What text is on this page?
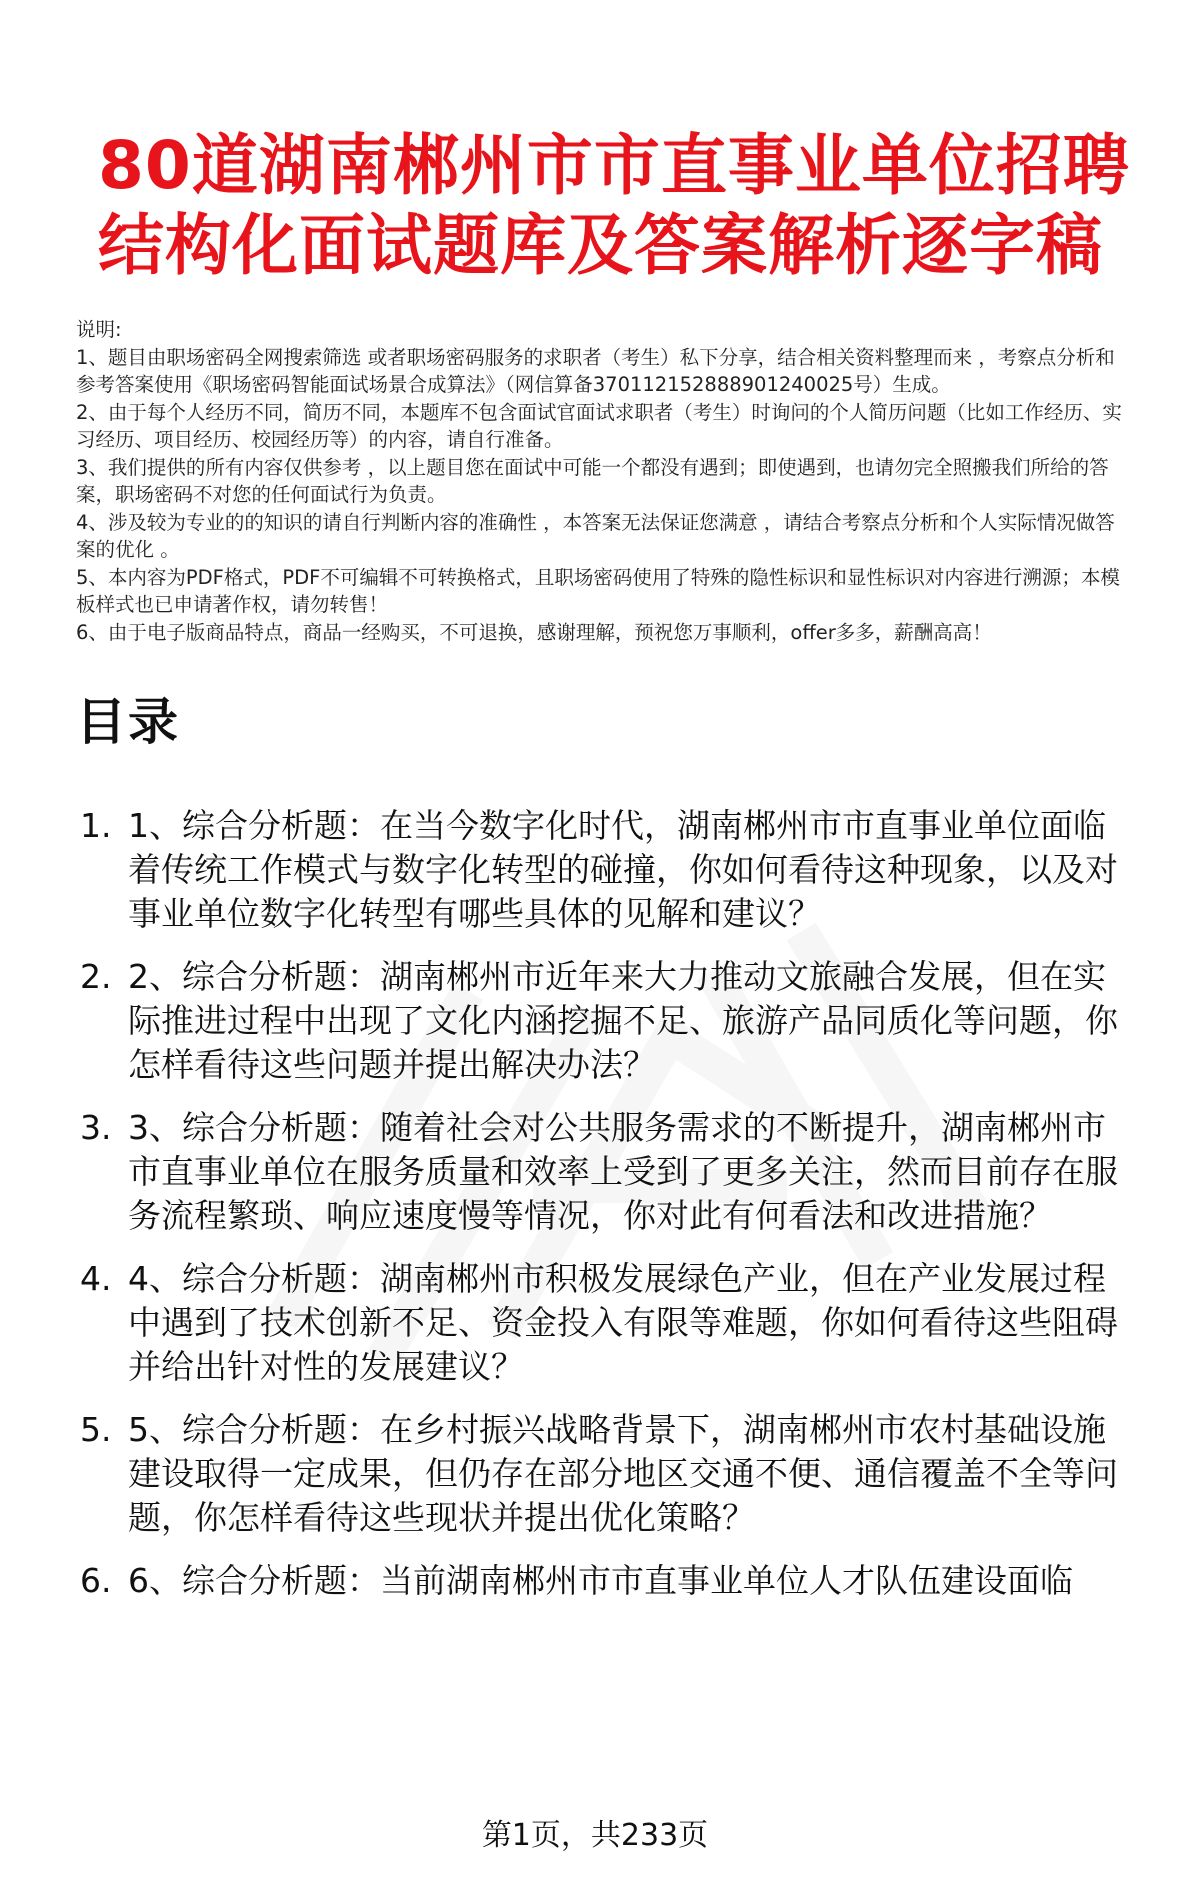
80道湖南郴州市市直事业单位招聘
结构化面试题库及答案解析逐字稿

说明:

1、题目由职场密码全网搜索筛选 或者职场密码服务的求职者（考生）私下分享，结合相关资料整理而来 ，考察点分析和参考答案使用《职场密码智能面试场景合成算法》（网信算备370112152888901240025号）生成。

2、由于每个人经历不同，简历不同，本题库不包含面试官面试求职者（考生）时询问的个人简历问题（比如工作经历、实习经历、项目经历、校园经历等）的内容，请自行准备。

3、我们提供的所有内容仅供参考 ，以上题目您在面试中可能一个都没有遇到；即使遇到，也请勿完全照搬我们所给的答案，职场密码不对您的任何面试行为负责。

4、涉及较为专业的的知识的请自行判断内容的准确性 ，本答案无法保证您满意 ，请结合考察点分析和个人实际情况做答案的优化 。

5、本内容为PDF格式，PDF不可编辑不可转换格式，且职场密码使用了特殊的隐性标识和显性标识对内容进行溯源；本模板样式也已申请著作权，请勿转售！

6、由于电子版商品特点，商品一经购买，不可退换，感谢理解，预祝您万事顺利，offer多多，薪酬高高！

目录
1. 1、综合分析题：在当今数字化时代，湖南郴州市市直事业单位面临着传统工作模式与数字化转型的碰撞，你如何看待这种现象，以及对事业单位数字化转型有哪些具体的见解和建议？
2. 2、综合分析题：湖南郴州市近年来大力推动文旅融合发展，但在实际推进过程中出现了文化内涵挖掘不足、旅游产品同质化等问题，你怎样看待这些问题并提出解决办法？
3. 3、综合分析题：随着社会对公共服务需求的不断提升，湖南郴州市市直事业单位在服务质量和效率上受到了更多关注，然而目前存在服务流程繁琐、响应速度慢等情况，你对此有何看法和改进措施？
4. 4、综合分析题：湖南郴州市积极发展绿色产业，但在产业发展过程中遇到了技术创新不足、资金投入有限等难题，你如何看待这些阻碍并给出针对性的发展建议？
5. 5、综合分析题：在乡村振兴战略背景下，湖南郴州市农村基础设施建设取得一定成果，但仍存在部分地区交通不便、通信覆盖不全等问题，你怎样看待这些现状并提出优化策略？
6. 6、综合分析题：当前湖南郴州市市直事业单位人才队伍建设面临
第1页，共233页
